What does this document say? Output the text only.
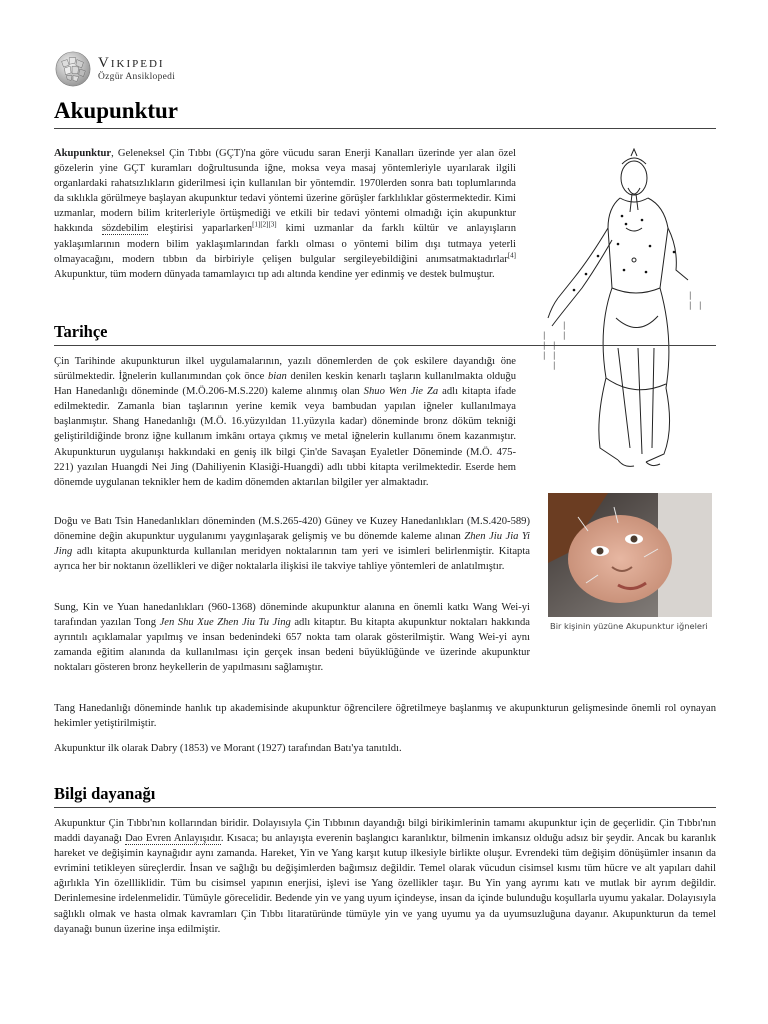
Vikipedi
Özgür Ansiklopedi
Akupunktur

Akupunktur, Geleneksel Çin Tıbbı (GÇT)'na göre vücudu saran Enerji Kanalları üzerinde yer alan özel gözelerin yine GÇT kuramları doğrultusunda iğne, moksa veya masaj yöntemleriyle uyarılarak ilgili organlardaki rahatsızlıkların giderilmesi için kullanılan bir yöntemdir. 1970lerden sonra batı toplumlarında da sıklıkla görülmeye başlayan akupunktur tedavi yöntemi üzerine görüşler farklılıklar göstermektedir. Kimi uzmanlar, modern bilim kriterleriyle örtüşmediği ve etkili bir tedavi yöntemi olmadığı için akupunktur hakkında sözdebilim eleştirisi yaparlarken[1][2][3] kimi uzmanlar da farklı kültür ve anlayışların yaklaşımlarının modern bilim yaklaşımlarından farklı olması o yöntemi bilim dışı tutmaya yeterli olmayacağını, modern tıbbın da birbiriyle çelişen bulgular sergileyebildiğini anımsatmaktadırlar[4] Akupunktur, tüm modern dünyada tamamlayıcı tıp adı altında kendine yer edinmiş ve destek bulmuştur.

│
│
│
│
│
│
│
│
│
│ │
Bir kişinin yüzüne Akupunktur iğneleri
Tarihçe

Çin Tarihinde akupunkturun ilkel uygulamalarının, yazılı dönemlerden de çok eskilere dayandığı öne sürülmektedir. İğnelerin kullanımından çok önce bian denilen keskin kenarlı taşların kullanılmakta olduğu Han Hanedanlığı döneminde (M.Ö.206-M.S.220) kaleme alınmış olan Shuo Wen Jie Za adlı kitapta ifade edilmektedir. Zamanla bian taşlarının yerine kemik veya bambudan yapılan iğneler kullanılmaya başlanmıştır. Shang Hanedanlığı (M.Ö. 16.yüzyıldan 11.yüzyıla kadar) döneminde bronz döküm tekniği geliştirildiğinde bronz iğne kullanım imkânı ortaya çıkmış ve metal iğnelerin kullanımı önem kazanmıştır. Akupunkturun uygulanışı hakkındaki en geniş ilk bilgi Çin'de Savaşan Eyaletler Döneminde (M.Ö. 475-221) yazılan Huangdi Nei Jing (Dahiliyenin Klasiği-Huangdi) adlı tıbbi kitapta verilmektedir. Eserde hem dönemde uygulanan teknikler hem de kadim dönemden aktarılan bilgiler yer almaktadır.

Doğu ve Batı Tsin Hanedanlıkları döneminden (M.S.265-420) Güney ve Kuzey Hanedanlıkları (M.S.420-589) dönemine değin akupunktur uygulanımı yaygınlaşarak gelişmiş ve bu dönemde kaleme alınan Zhen Jiu Jia Yi Jing adlı kitapta akupunkturda kullanılan meridyen noktalarının tam yeri ve isimleri belirlenmiştir. Kitapta ayrıca her bir noktanın özellikleri ve diğer noktalarla ilişkisi ile takviye tahliye yöntemleri de anlatılmıştır.

Sung, Kin ve Yuan hanedanlıkları (960-1368) döneminde akupunktur alanına en önemli katkı Wang Wei-yi tarafından yazılan Tong Jen Shu Xue Zhen Jiu Tu Jing adlı kitaptır. Bu kitapta akupunktur noktaları hakkında ayrıntılı açıklamalar yapılmış ve insan bedenindeki 657 nokta tam olarak gösterilmiştir. Wang Wei-yi aynı zamanda eğitim alanında da kullanılması için gerçek insan bedeni büyüklüğünde ve üzerinde akupunktur noktaları gösteren bronz heykellerin de yapılmasını sağlamıştır.

Tang Hanedanlığı döneminde hanlık tıp akademisinde akupunktur öğrencilere öğretilmeye başlanmış ve akupunkturun gelişmesinde önemli rol oynayan hekimler yetiştirilmiştir.

Akupunktur ilk olarak Dabry (1853) ve Morant (1927) tarafından Batı'ya tanıtıldı.

Bilgi dayanağı

Akupunktur Çin Tıbbı'nın kollarından biridir. Dolayısıyla Çin Tıbbının dayandığı bilgi birikimlerinin tamamı akupunktur için de geçerlidir. Çin Tıbbı'nın maddi dayanağı Dao Evren Anlayışıdır. Kısaca; bu anlayışta everenin başlangıcı karanlıktır, bilmenin imkansız olduğu adsız bir şeydir. Ancak bu karanlık hareket ve değişimin kaynağıdır aynı zamanda. Hareket, Yin ve Yang karşıt kutup ilkesiyle birlikte oluşur. Evrendeki tüm değişim dönüşümler insanın da evrimini tetikleyen süreçlerdir. İnsan ve sağlığı bu değişimlerden bağımsız değildir. Temel olarak vücudun cisimsel kısmı tüm hücre ve alt yapıları dahil ağırlıkla Yin özellliklidir. Tüm bu cisimsel yapının enerjisi, işlevi ise Yang özellikler taşır. Bu Yin yang ayrımı katı ve mutlak bir ayrım değildir. Derinlemesine irdelenmelidir. Tümüyle görecelidir. Bedende yin ve yang uyum içindeyse, insan da içinde bulunduğu koşullarla uyumu yakalar. Dolayısıyla sağlıklı olmak ve hasta olmak kavramları Çin Tıbbı litaratüründe tümüyle yin ve yang uyumu ya da uyumsuzluğuna dayanır. Akupunkturun da temel dayanağı bunun üzerine inşa edilmiştir.
